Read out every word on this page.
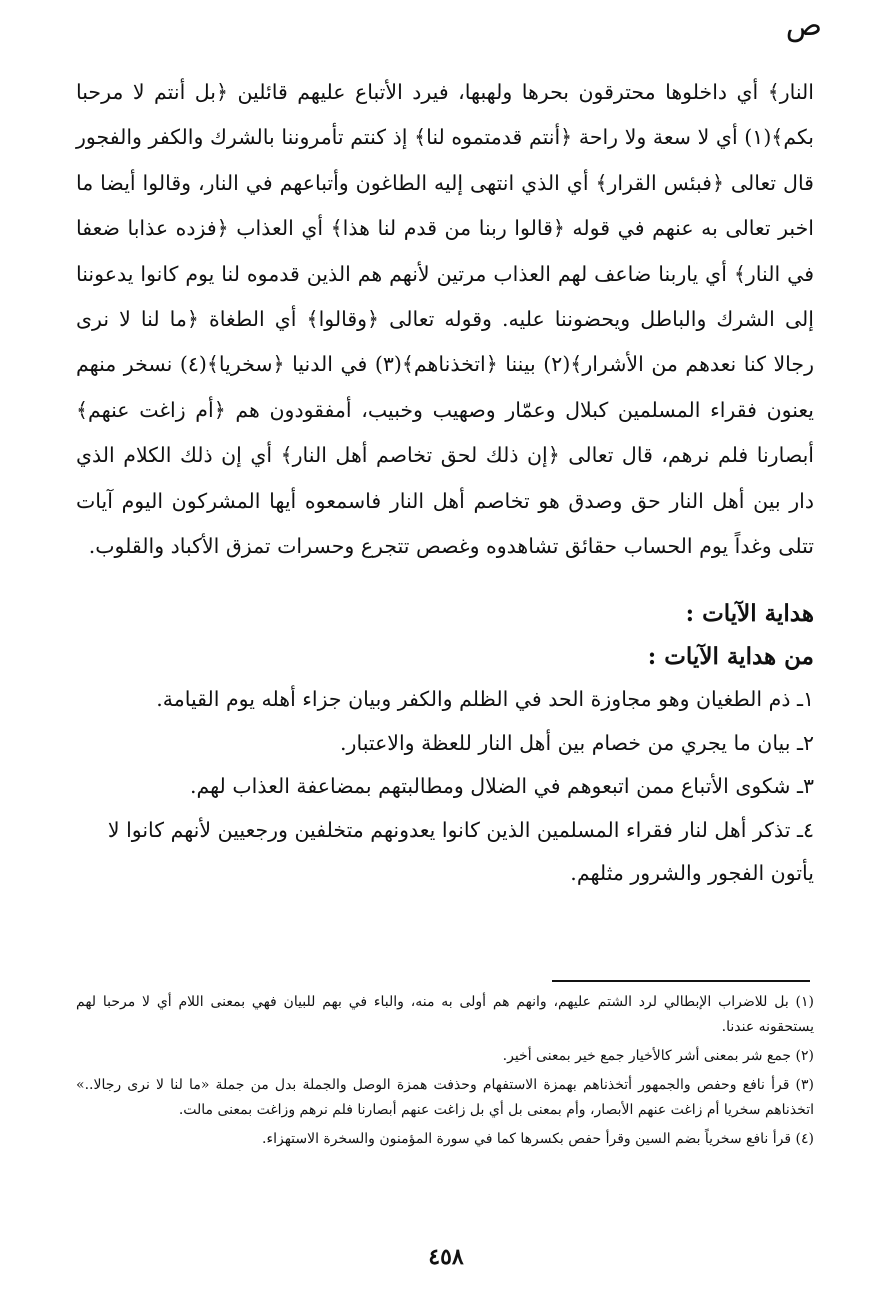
ص

النار﴾ أي داخلوها محترقون بحرها ولهبها، فيرد الأتباع عليهم قائلين ﴿بل أنتم لا مرحبا بكم﴾(١) أي لا سعة ولا راحة ﴿أنتم قدمتموه لنا﴾ إذ كنتم تأمروننا بالشرك والكفر والفجور قال تعالى ﴿فبئس القرار﴾ أي الذي انتهى إليه الطاغون وأتباعهم في النار، وقالوا أيضا ما اخبر تعالى به عنهم في قوله ﴿قالوا ربنا من قدم لنا هذا﴾ أي العذاب ﴿فزده عذابا ضعفا في النار﴾ أي ياربنا ضاعف لهم العذاب مرتين لأنهم هم الذين قدموه لنا يوم كانوا يدعوننا إلى الشرك والباطل ويحضوننا عليه. وقوله تعالى ﴿وقالوا﴾ أي الطغاة ﴿ما لنا لا نرى رجالا كنا نعدهم من الأشرار﴾(٢) بيننا ﴿اتخذناهم﴾(٣) في الدنيا ﴿سخريا﴾(٤) نسخر منهم يعنون فقراء المسلمين كبلال وعمّار وصهيب وخبيب، أمفقودون هم ﴿أم زاغت عنهم﴾ أبصارنا فلم نرهم، قال تعالى ﴿إن ذلك لحق تخاصم أهل النار﴾ أي إن ذلك الكلام الذي دار بين أهل النار حق وصدق هو تخاصم أهل النار فاسمعوه أيها المشركون اليوم آيات تتلى وغداً يوم الحساب حقائق تشاهدوه وغصص تتجرع وحسرات تمزق الأكباد والقلوب.

هداية الآيات :
من هداية الآيات :
١ـ ذم الطغيان وهو مجاوزة الحد في الظلم والكفر وبيان جزاء أهله يوم القيامة.
٢ـ بيان ما يجري من خصام بين أهل النار للعظة والاعتبار.
٣ـ شكوى الأتباع ممن اتبعوهم في الضلال ومطالبتهم بمضاعفة العذاب لهم.
٤ـ تذكر أهل لنار فقراء المسلمين الذين كانوا يعدونهم متخلفين ورجعيين لأنهم كانوا لا يأتون الفجور والشرور مثلهم.

(١) بل للاضراب الإبطالي لرد الشتم عليهم، وانهم هم أولى به منه، والباء في بهم للبيان فهي بمعنى اللام أي لا مرحبا لهم يستحقونه عندنا.

(٢) جمع شر بمعنى أشر كالأخيار جمع خير بمعنى أخير.

(٣) قرأ نافع وحفص والجمهور أتخذناهم بهمزة الاستفهام وحذفت همزة الوصل والجملة بدل من جملة «ما لنا لا نرى رجالا..» اتخذناهم سخريا أم زاغت عنهم الأبصار، وأم بمعنى بل أي بل زاغت عنهم أبصارنا فلم نرهم وزاغت بمعنى مالت.

(٤) قرأ نافع سخرياً بضم السين وقرأ حفص بكسرها كما في سورة المؤمنون والسخرة الاستهزاء.

٤٥٨
